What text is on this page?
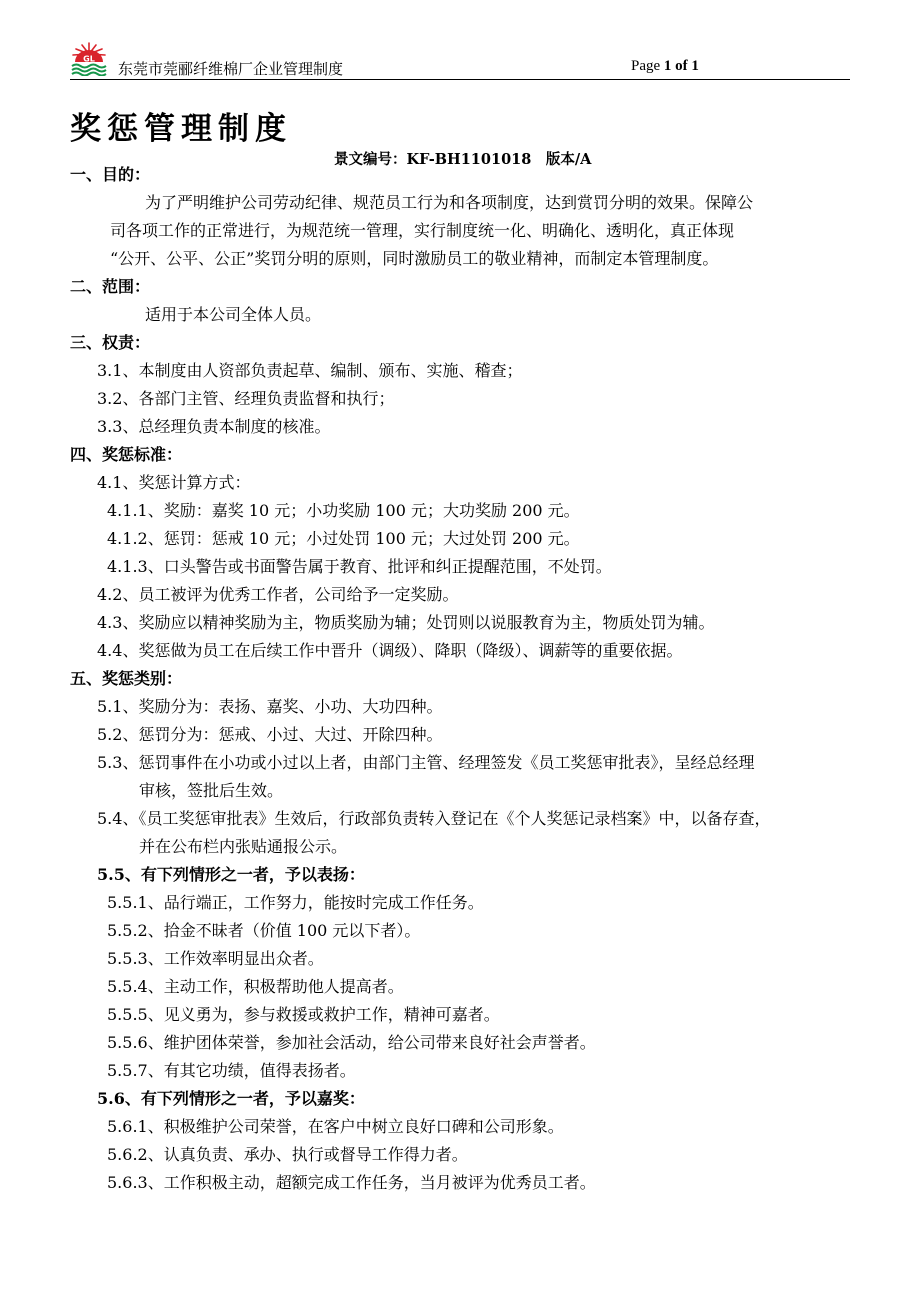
GL
东莞市莞郦纤维棉厂企业管理制度	Page 1 of 1
奖惩管理制度
景文编号：KF-BH1101018　版本/A
一、目的：
为了严明维护公司劳动纪律、规范员工行为和各项制度，达到赏罚分明的效果。保障公
司各项工作的正常进行，为规范统一管理，实行制度统一化、明确化、透明化，真正体现
“公开、公平、公正”奖罚分明的原则，同时激励员工的敬业精神，而制定本管理制度。
二、范围：
适用于本公司全体人员。
三、权责：
3.1、本制度由人资部负责起草、编制、颁布、实施、稽查；
3.2、各部门主管、经理负责监督和执行；
3.3、总经理负责本制度的核准。
四、奖惩标准：
4.1、奖惩计算方式：
4.1.1、奖励：嘉奖 10 元；小功奖励 100 元；大功奖励 200 元。
4.1.2、惩罚：惩戒 10 元；小过处罚 100 元；大过处罚 200 元。
4.1.3、口头警告或书面警告属于教育、批评和纠正提醒范围，不处罚。
4.2、员工被评为优秀工作者，公司给予一定奖励。
4.3、奖励应以精神奖励为主，物质奖励为辅；处罚则以说服教育为主，物质处罚为辅。
4.4、奖惩做为员工在后续工作中晋升（调级）、降职（降级）、调薪等的重要依据。
五、奖惩类别：
5.1、奖励分为：表扬、嘉奖、小功、大功四种。
5.2、惩罚分为：惩戒、小过、大过、开除四种。
5.3、惩罚事件在小功或小过以上者，由部门主管、经理签发《员工奖惩审批表》，呈经总经理
审核，签批后生效。
5.4、《员工奖惩审批表》生效后，行政部负责转入登记在《个人奖惩记录档案》中，以备存查，
并在公布栏内张贴通报公示。
5.5、有下列情形之一者，予以表扬：
5.5.1、品行端正，工作努力，能按时完成工作任务。
5.5.2、拾金不昧者（价值 100 元以下者）。
5.5.3、工作效率明显出众者。
5.5.4、主动工作，积极帮助他人提高者。
5.5.5、见义勇为，参与救援或救护工作，精神可嘉者。
5.5.6、维护团体荣誉，参加社会活动，给公司带来良好社会声誉者。
5.5.7、有其它功绩，值得表扬者。
5.6、有下列情形之一者，予以嘉奖：
5.6.1、积极维护公司荣誉，在客户中树立良好口碑和公司形象。
5.6.2、认真负责、承办、执行或督导工作得力者。
5.6.3、工作积极主动，超额完成工作任务，当月被评为优秀员工者。
